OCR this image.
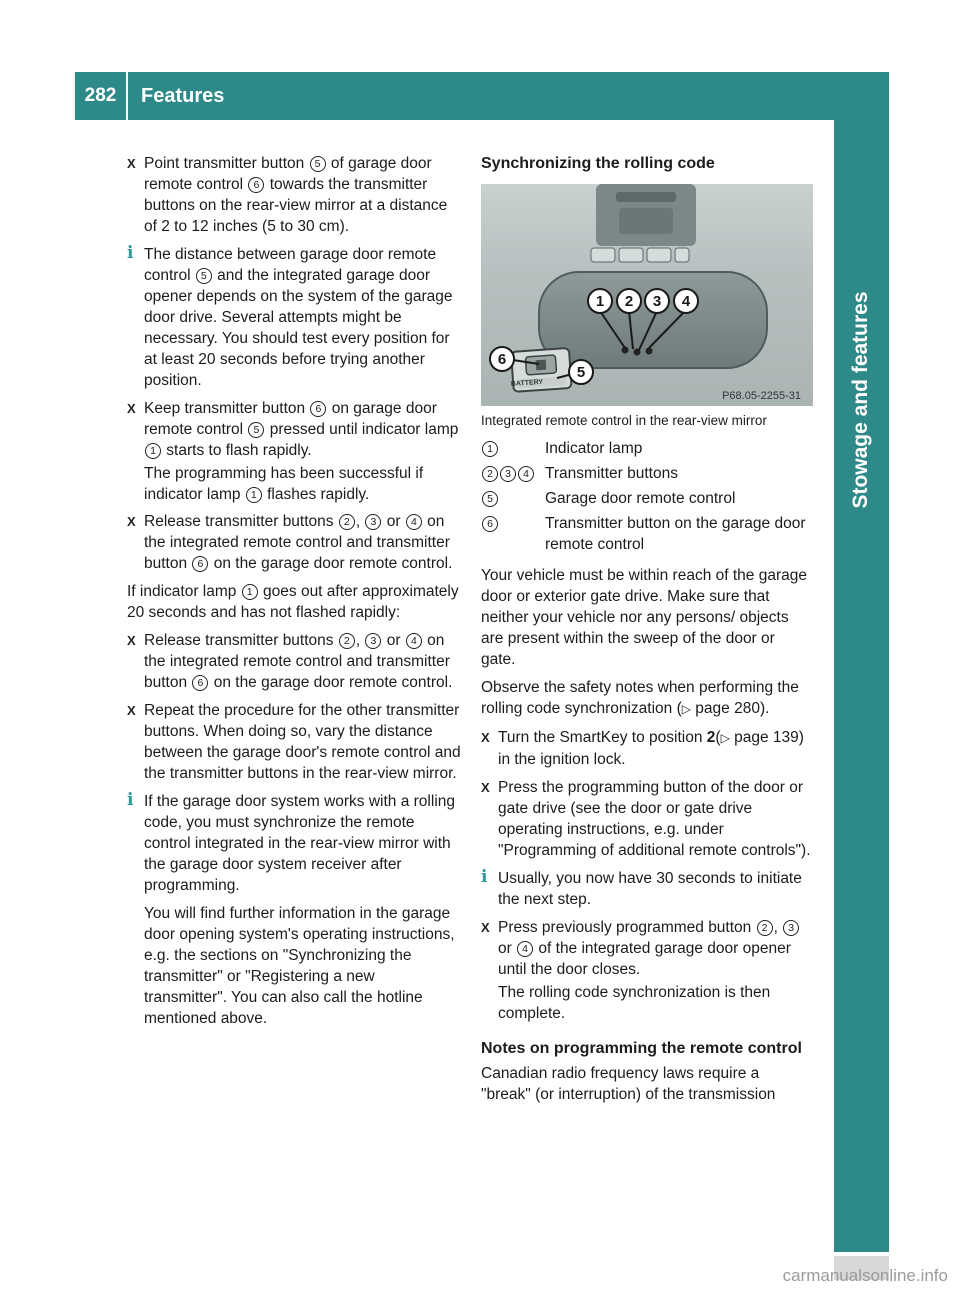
282	Features
Stowage and features
carmanualsonline.info
X Point transmitter button 5 of garage door remote control 6 towards the transmitter buttons on the rear-view mirror at a distance of 2 to 12 inches (5 to 30 cm).
i The distance between garage door remote control 5 and the integrated garage door opener depends on the system of the garage door drive. Several attempts might be necessary. You should test every position for at least 20 seconds before trying another position.
X Keep transmitter button 6 on garage door remote control 5 pressed until indicator lamp 1 starts to flash rapidly.

The programming has been successful if indicator lamp 1 flashes rapidly.

X Release transmitter buttons 2 , 3 or 4 on the integrated remote control and transmitter button 6 on the garage door remote control.

If indicator lamp 1 goes out after approximately 20 seconds and has not flashed rapidly:

X Release transmitter buttons 2 , 3 or 4 on the integrated remote control and transmitter button 6 on the garage door remote control.
X Repeat the procedure for the other transmitter buttons. When doing so, vary the distance between the garage door's remote control and the transmitter buttons in the rear-view mirror.
i If the garage door system works with a rolling code, you must synchronize the remote control integrated in the rear-view mirror with the garage door system receiver after programming.

You will find further information in the garage door opening system's operating instructions, e.g. the sections on "Synchronizing the transmitter" or "Registering a new transmitter". You can also call the hotline mentioned above.

Synchronizing the rolling code
1 2 3 4
5
6
BATTERY
P68.05-2255-31
Integrated remote control in the rear-view mirror
1	Indicator lamp
2 3 4	Transmitter buttons
5	Garage door remote control
6	Transmitter button on the garage door remote control

Your vehicle must be within reach of the garage door or exterior gate drive. Make sure that neither your vehicle nor any persons/ objects are present within the sweep of the door or gate.

Observe the safety notes when performing the rolling code synchronization (▷ page 280).

X Turn the SmartKey to position 2(▷ page 139) in the ignition lock.
X Press the programming button of the door or gate drive (see the door or gate drive operating instructions, e.g. under "Programming of additional remote controls").
i Usually, you now have 30 seconds to initiate the next step.
X Press previously programmed button 2 , 3 or 4 of the integrated garage door opener until the door closes.

The rolling code synchronization is then complete.

Notes on programming the remote control

Canadian radio frequency laws require a "break" (or interruption) of the transmission
